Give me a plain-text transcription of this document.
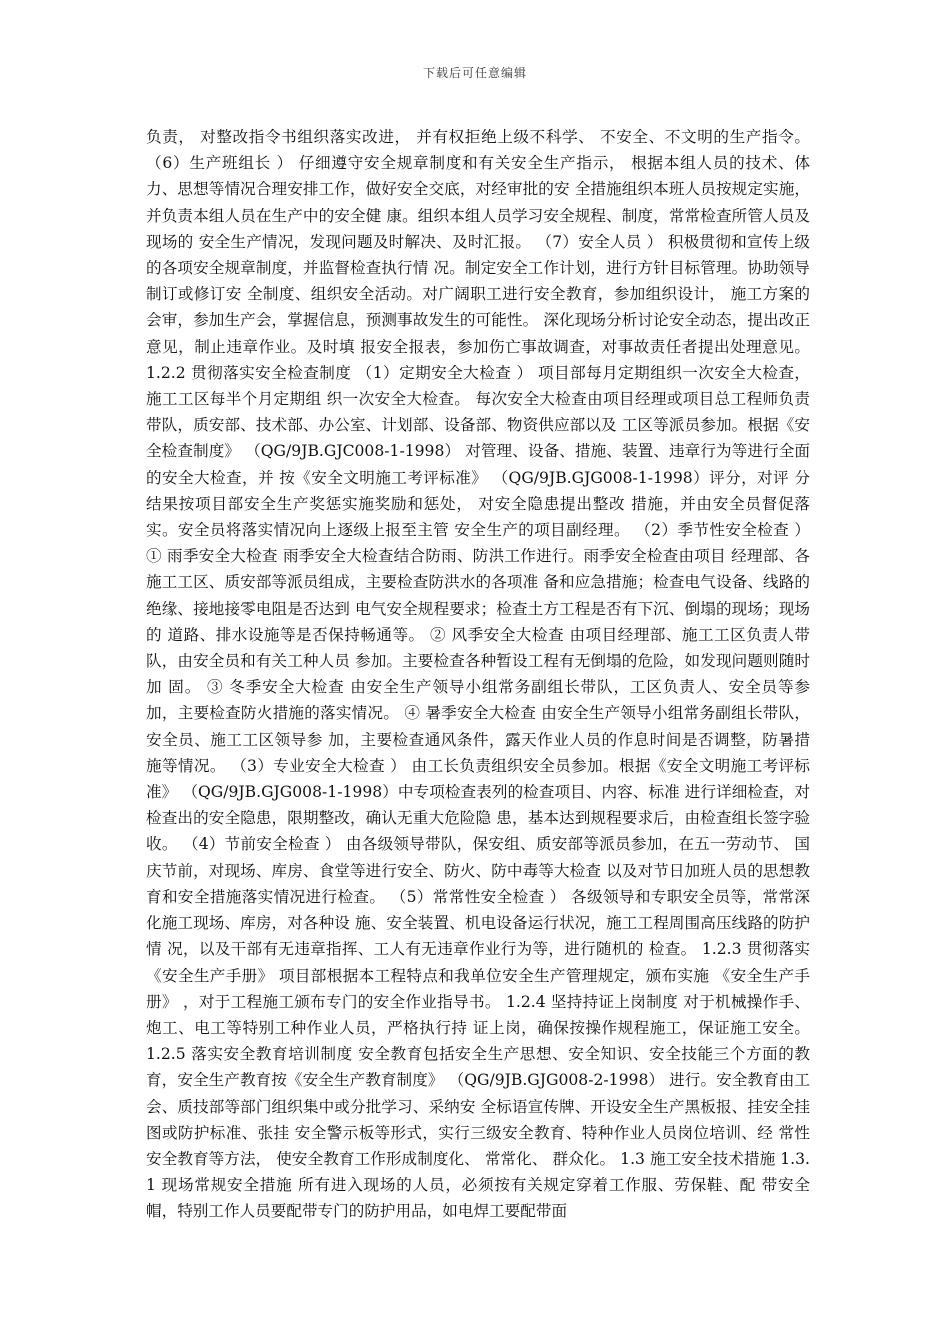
下载后可任意编辑

负责， 对整改指令书组织落实改进， 并有权拒绝上级不科学、 不安全、不文明的生产指令。 （6）生产班组长 ） 仔细遵守安全规章制度和有关安全生产指示， 根据本组人员的技术、体力、思想等情况合理安排工作，做好安全交底，对经审批的安 全措施组织本班人员按规定实施， 并负责本组人员在生产中的安全健 康。组织本组人员学习安全规程、制度，常常检查所管人员及现场的 安全生产情况，发现问题及时解决、及时汇报。 （7）安全人员 ） 积极贯彻和宣传上级的各项安全规章制度，并监督检查执行情 况。制定安全工作计划，进行方针目标管理。协助领导制订或修订安 全制度、组织安全活动。对广阔职工进行安全教育，参加组织设计， 施工方案的会审，参加生产会，掌握信息，预测事故发生的可能性。 深化现场分析讨论安全动态，提出改正意见，制止违章作业。及时填 报安全报表，参加伤亡事故调查，对事故责任者提出处理意见。 1.2.2 贯彻落实安全检查制度 （1）定期安全大检查 ） 项目部每月定期组织一次安全大检查， 施工工区每半个月定期组 织一次安全大检查。 每次安全大检查由项目经理或项目总工程师负责 带队，质安部、技术部、办公室、计划部、设备部、物资供应部以及 工区等派员参加。根据《安全检查制度》 （QG/9JB.GJC008-1-1998） 对管理、设备、措施、装置、违章行为等进行全面的安全大检查，并 按《安全文明施工考评标准》 （QG/9JB.GJG008-1-1998）评分，对评 分结果按项目部安全生产奖惩实施奖励和惩处， 对安全隐患提出整改 措施，并由安全员督促落实。安全员将落实情况向上逐级上报至主管 安全生产的项目副经理。 （2）季节性安全检查 ） ① 雨季安全大检查 雨季安全大检查结合防雨、防洪工作进行。雨季安全检查由项目 经理部、各施工工区、质安部等派员组成，主要检查防洪水的各项准 备和应急措施；检查电气设备、线路的绝缘、接地接零电阻是否达到 电气安全规程要求；检查土方工程是否有下沉、倒塌的现场；现场的 道路、排水设施等是否保持畅通等。 ② 风季安全大检查 由项目经理部、施工工区负责人带队，由安全员和有关工种人员 参加。主要检查各种暂设工程有无倒塌的危险，如发现问题则随时加 固。 ③ 冬季安全大检查 由安全生产领导小组常务副组长带队，工区负责人、安全员等参 加，主要检查防火措施的落实情况。 ④ 暑季安全大检查 由安全生产领导小组常务副组长带队，安全员、施工工区领导参 加，主要检查通风条件，露天作业人员的作息时间是否调整，防暑措 施等情况。 （3）专业安全大检查 ） 由工长负责组织安全员参加。根据《安全文明施工考评标准》 （QG/9JB.GJG008-1-1998）中专项检查表列的检查项目、内容、标准 进行详细检查，对检查出的安全隐患，限期整改，确认无重大危险隐 患，基本达到规程要求后，由检查组长签字验收。 （4）节前安全检查 ） 由各级领导带队，保安组、质安部等派员参加，在五一劳动节、 国庆节前，对现场、库房、食堂等进行安全、防火、防中毒等大检查 以及对节日加班人员的思想教育和安全措施落实情况进行检查。 （5）常常性安全检查 ） 各级领导和专职安全员等，常常深化施工现场、库房，对各种设 施、安全装置、机电设备运行状况，施工工程周围高压线路的防护情 况，以及干部有无违章指挥、工人有无违章作业行为等，进行随机的 检查。 1.2.3 贯彻落实《安全生产手册》 项目部根据本工程特点和我单位安全生产管理规定，颁布实施 《安全生产手册》 ，对于工程施工颁布专门的安全作业指导书。 1.2.4 坚持持证上岗制度 对于机械操作手、炮工、电工等特别工种作业人员，严格执行持 证上岗，确保按操作规程施工，保证施工安全。 1.2.5 落实安全教育培训制度 安全教育包括安全生产思想、安全知识、安全技能三个方面的教 育，安全生产教育按《安全生产教育制度》 （QG/9JB.GJG008-2-1998） 进行。安全教育由工会、质技部等部门组织集中或分批学习、采纳安 全标语宣传牌、开设安全生产黑板报、挂安全挂图或防护标准、张挂 安全警示板等形式，实行三级安全教育、特种作业人员岗位培训、经 常性安全教育等方法， 使安全教育工作形成制度化、 常常化、 群众化。 1.3 施工安全技术措施 1.3.1 现场常规安全措施 所有进入现场的人员，必须按有关规定穿着工作服、劳保鞋、配 带安全帽，特别工作人员要配带专门的防护用品，如电焊工要配带面
